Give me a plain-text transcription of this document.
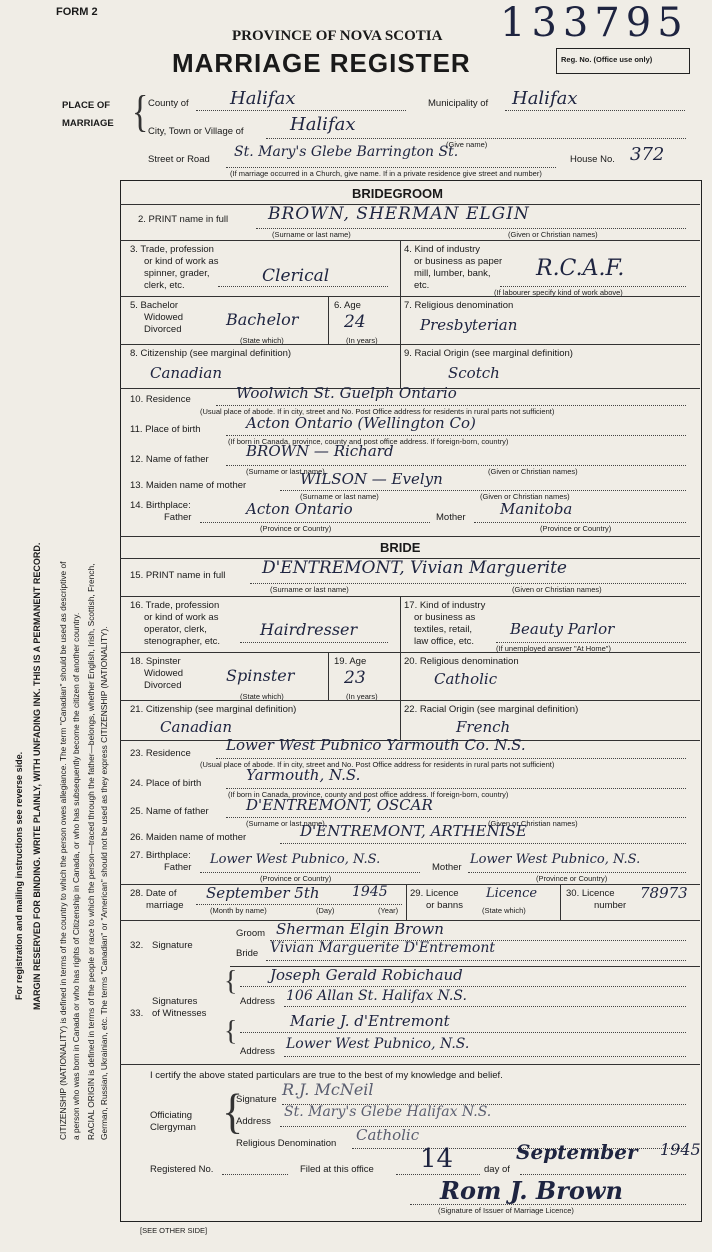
For registration and mailing instructions see reverse side. MARGIN RESERVED FOR BINDING. WRITE PLAINLY, WITH UNFADING INK. THIS IS A PERMANENT RECORD. CITIZENSHIP (NATIONALITY) is defined in terms of the country to which the person owes allegiance. The term "Canadian" should be used as descriptive of a person who was born in Canada or who has rights of Citizenship in Canada, or who has subsequently become the citizen of another country. RACIAL ORIGIN is defined in terms of the people or race to which the person—traced through the father—belongs, whether English, Irish, Scottish, French, German, Russian, Ukrainian, etc. The terms "Canadian" or "American" should not be used as they express CITIZENSHIP (NATIONALITY).
FORM 2	133795
PROVINCE OF NOVA SCOTIA
MARRIAGE REGISTER	Reg. No. (Office use only)
PLACE OF
MARRIAGE { County of Halifax	Municipality of Halifax
City, Town or Village of	Halifax
(Give name)
Street or Road St. Mary's Glebe Barrington St.	House No. 372
(If marriage occurred in a Church, give name. If in a private residence give street and number)
BRIDEGROOM
2. PRINT name in full BROWN, SHERMAN ELGIN
(Surname or last name)	(Given or Christian names)
3. Trade, profession
or kind of work as
spinner, grader,
clerk, etc.	Clerical
4. Kind of industry
or business as paper
mill, lumber, bank,
etc.
R.C.A.F.
(If labourer specify kind of work above)
5. Bachelor
Widowed
Divorced
Bachelor
(State which)
6. Age
24
(In years)
7. Religious denomination
Presbyterian
8. Citizenship (see marginal definition)
Canadian
9. Racial Origin (see marginal definition)
Scotch
10. Residence	Woolwich St. Guelph Ontario
(Usual place of abode. If in city, street and No. Post Office address for residents in rural parts not sufficient)
11. Place of birth	Acton Ontario (Wellington Co)
(If born in Canada, province, county and post office address. If foreign-born, country)
12. Name of father BROWN — Richard
(Surname or last name)	(Given or Christian names)
13. Maiden name of mother	WILSON — Evelyn
(Surname or last name)	(Given or Christian names)
14. Birthplace:
Father	Acton Ontario
(Province or Country)
Mother Manitoba
(Province or Country)
BRIDE
15. PRINT name in full D'ENTREMONT, Vivian Marguerite
(Surname or last name)	(Given or Christian names)
16. Trade, profession
or kind of work as
operator, clerk,
stenographer, etc.
Hairdresser
17. Kind of industry
or business as
textiles, retail,
law office, etc.
Beauty Parlor
(If unemployed answer "At Home")
18. Spinster
Widowed
Divorced
Spinster
(State which)
19. Age
23
(In years)
20. Religious denomination
Catholic
21. Citizenship (see marginal definition)
Canadian
22. Racial Origin (see marginal definition)
French
23. Residence Lower West Pubnico Yarmouth Co. N.S.
(Usual place of abode. If in city, street and No. Post Office address for residents in rural parts not sufficient)
24. Place of birth	Yarmouth, N.S.
(If born in Canada, province, county and post office address. If foreign-born, country)
25. Name of father D'ENTREMONT, OSCAR
(Surname or last name)	(Given or Christian names)
26. Maiden name of mother	D'ENTREMONT, ARTHENISE
27. Birthplace:
Father
Lower West Pubnico, N.S.
(Province or Country)
Mother
Lower West Pubnico, N.S.
(Province or Country)
28. Date of
marriage
September 5th 1945
(Month by name)	(Day)	(Year)
29. Licence
or banns
Licence
(State which)
30. Licence
number
78973
32. Signature
Groom Sherman Elgin Brown
Bride Vivian Marguerite D'Entremont
33.
Signatures
of Witnesses
{ Joseph Gerald Robichaud
Address 106 Allan St. Halifax N.S.
{	Marie J. d'Entremont
Address Lower West Pubnico, N.S.
I certify the above stated particulars are true to the best of my knowledge and belief.
Signature
R.J. McNeil
Officiating
Clergyman {
Address
St. Mary's Glebe Halifax N.S.
Religious Denomination Catholic
Registered No.	Filed at this office 14	day of
September 1945
Rom J. Brown
(Signature of Issuer of Marriage Licence)
[SEE OTHER SIDE]
